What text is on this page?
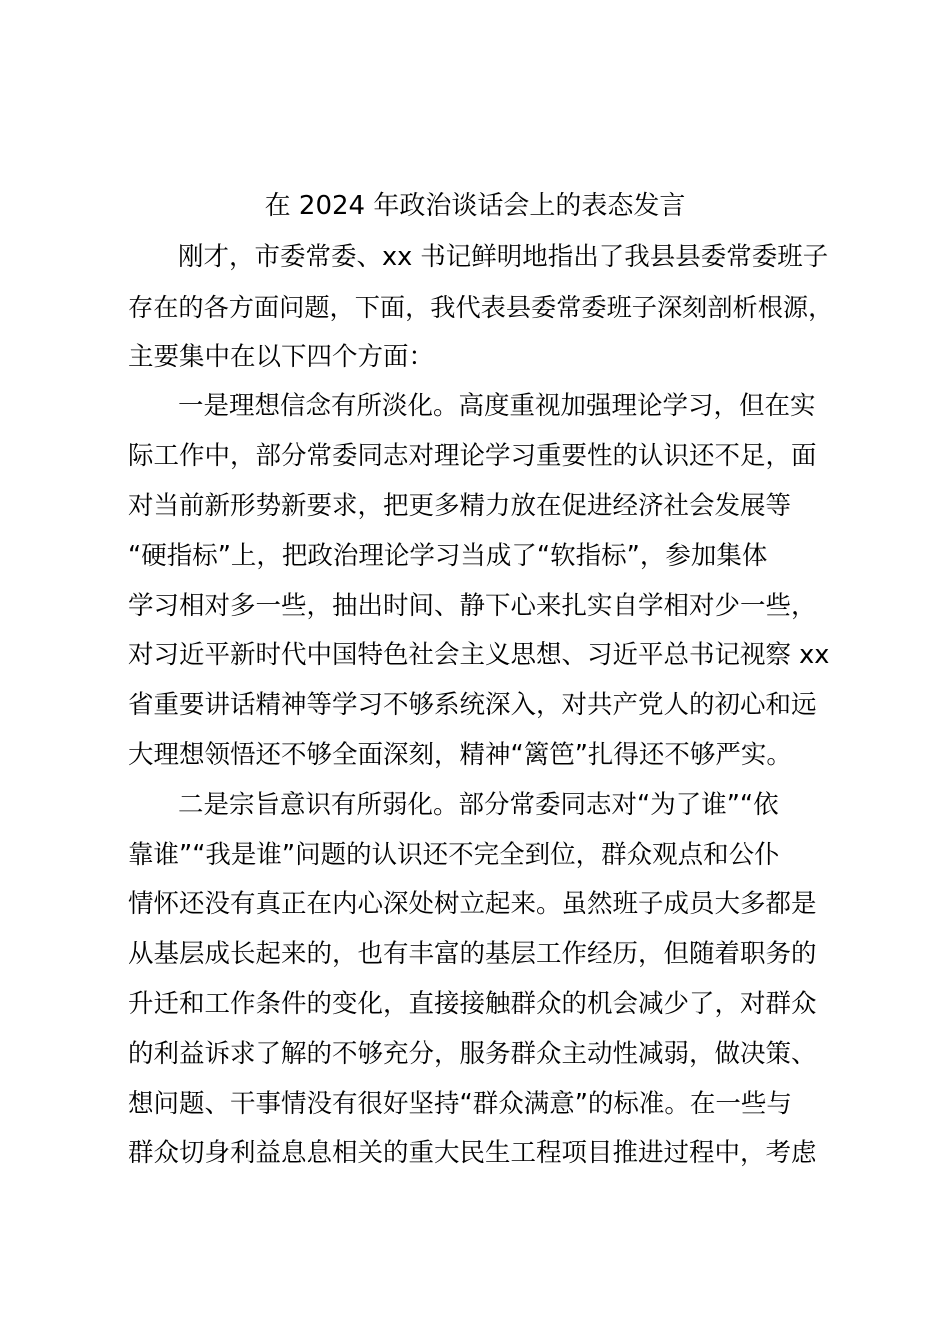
在 2024 年政治谈话会上的表态发言
刚才，市委常委、xx 书记鲜明地指出了我县县委常委班子
存在的各方面问题，下面，我代表县委常委班子深刻剖析根源，
主要集中在以下四个方面：
一是理想信念有所淡化。高度重视加强理论学习，但在实
际工作中，部分常委同志对理论学习重要性的认识还不足，面
对当前新形势新要求，把更多精力放在促进经济社会发展等
“硬指标”上，把政治理论学习当成了“软指标”，参加集体
学习相对多一些，抽出时间、静下心来扎实自学相对少一些，
对习近平新时代中国特色社会主义思想、习近平总书记视察 xx
省重要讲话精神等学习不够系统深入，对共产党人的初心和远
大理想领悟还不够全面深刻，精神“篱笆”扎得还不够严实。
二是宗旨意识有所弱化。部分常委同志对“为了谁”“依
靠谁”“我是谁”问题的认识还不完全到位，群众观点和公仆
情怀还没有真正在内心深处树立起来。虽然班子成员大多都是
从基层成长起来的，也有丰富的基层工作经历，但随着职务的
升迁和工作条件的变化，直接接触群众的机会减少了，对群众
的利益诉求了解的不够充分，服务群众主动性减弱，做决策、
想问题、干事情没有很好坚持“群众满意”的标准。在一些与
群众切身利益息息相关的重大民生工程项目推进过程中，考虑
